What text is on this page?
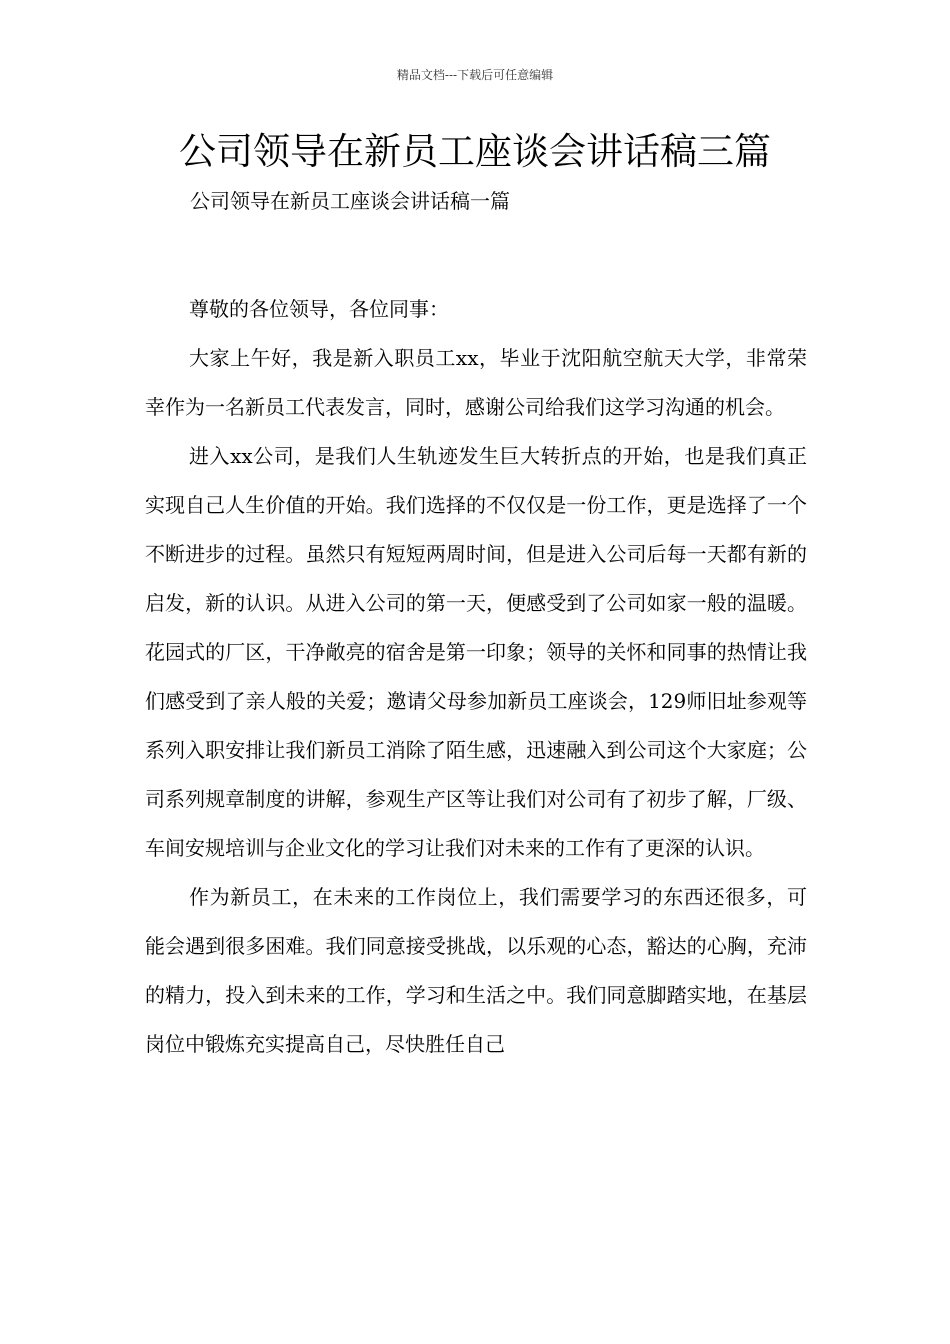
精品文档---下载后可任意编辑
公司领导在新员工座谈会讲话稿三篇
公司领导在新员工座谈会讲话稿一篇

尊敬的各位领导，各位同事：

大家上午好，我是新入职员工xx，毕业于沈阳航空航天大学，非常荣幸作为一名新员工代表发言，同时，感谢公司给我们这学习沟通的机会。

进入xx公司，是我们人生轨迹发生巨大转折点的开始，也是我们真正实现自己人生价值的开始。我们选择的不仅仅是一份工作，更是选择了一个不断进步的过程。虽然只有短短两周时间，但是进入公司后每一天都有新的启发，新的认识。从进入公司的第一天，便感受到了公司如家一般的温暖。花园式的厂区，干净敞亮的宿舍是第一印象；领导的关怀和同事的热情让我们感受到了亲人般的关爱；邀请父母参加新员工座谈会，129师旧址参观等系列入职安排让我们新员工消除了陌生感，迅速融入到公司这个大家庭；公司系列规章制度的讲解，参观生产区等让我们对公司有了初步了解，厂级、车间安规培训与企业文化的学习让我们对未来的工作有了更深的认识。

作为新员工，在未来的工作岗位上，我们需要学习的东西还很多，可能会遇到很多困难。我们同意接受挑战，以乐观的心态，豁达的心胸，充沛的精力，投入到未来的工作，学习和生活之中。我们同意脚踏实地，在基层岗位中锻炼充实提高自己，尽快胜任自己
